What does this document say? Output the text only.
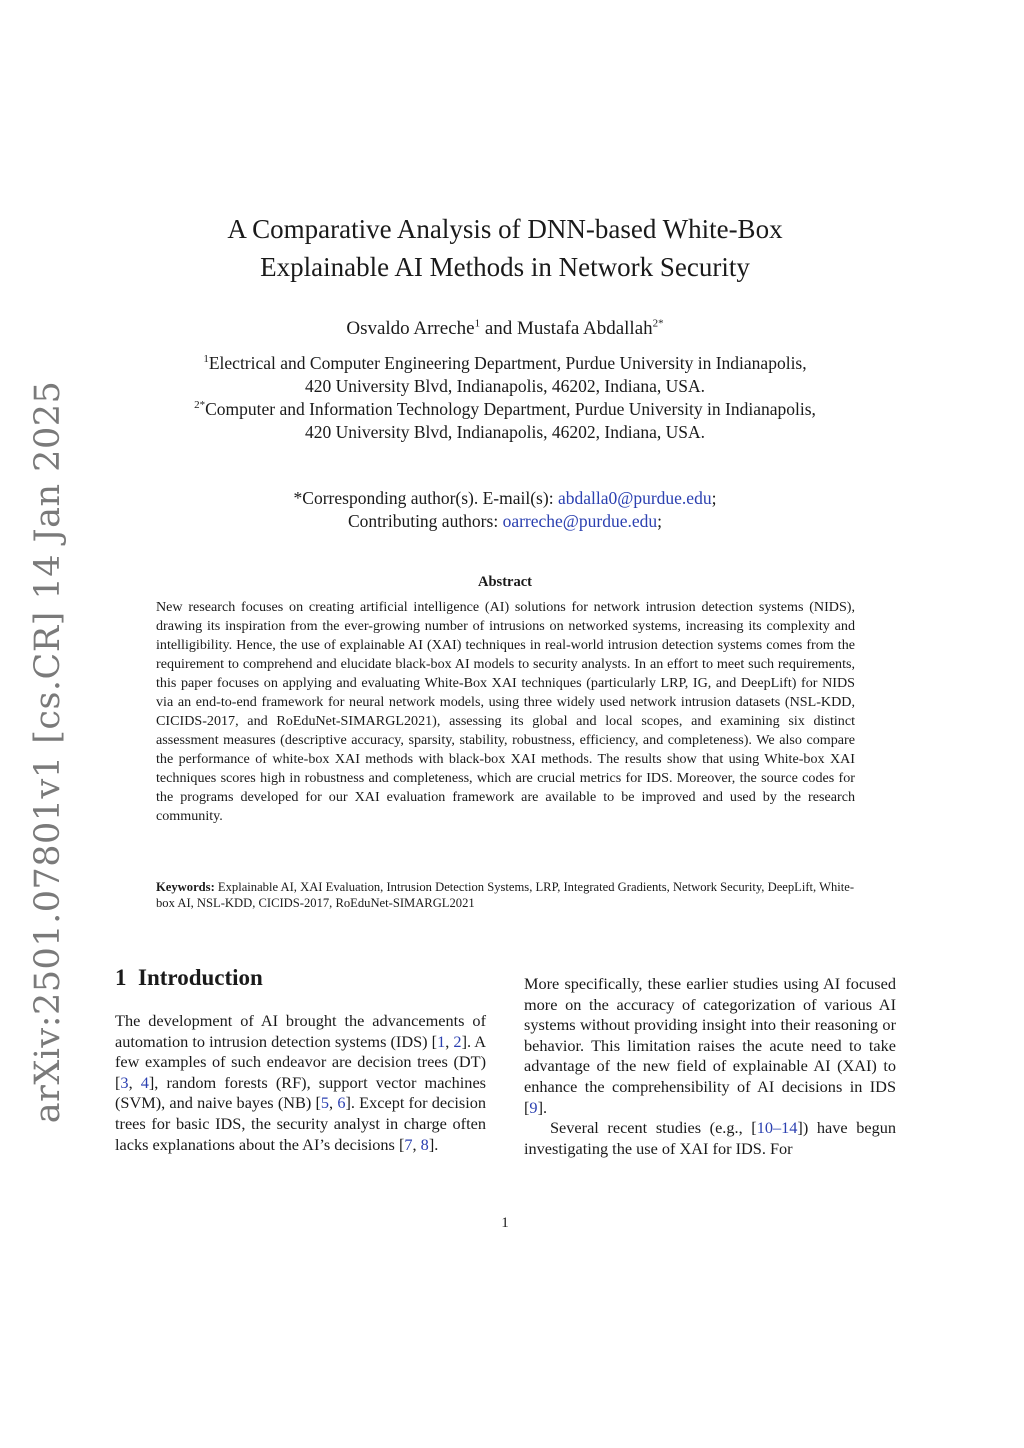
arXiv:2501.07801v1 [cs.CR] 14 Jan 2025
A Comparative Analysis of DNN-based White-Box
Explainable AI Methods in Network Security
Osvaldo Arreche$^1$ and Mustafa Abdallah$^{2*}$
$^1$Electrical and Computer Engineering Department, Purdue University in Indianapolis,
420 University Blvd, Indianapolis, 46202, Indiana, USA.
$^{2*}$Computer and Information Technology Department, Purdue University in Indianapolis,
420 University Blvd, Indianapolis, 46202, Indiana, USA.
*Corresponding author(s). E-mail(s): abdalla0@purdue.edu;
Contributing authors: oarreche@purdue.edu;
Abstract
New research focuses on creating artificial intelligence (AI) solutions for network intrusion detection systems (NIDS), drawing its inspiration from the ever-growing number of intrusions on networked systems, increasing its complexity and intelligibility. Hence, the use of explainable AI (XAI) techniques in real-world intrusion detection systems comes from the requirement to comprehend and elucidate black-box AI models to security analysts. In an effort to meet such requirements, this paper focuses on applying and evaluating White-Box XAI techniques (particularly LRP, IG, and DeepLift) for NIDS via an end-to-end framework for neural network models, using three widely used network intrusion datasets (NSL-KDD, CICIDS-2017, and RoEduNet-SIMARGL2021), assessing its global and local scopes, and examining six distinct assessment measures (descriptive accuracy, sparsity, stability, robustness, efficiency, and completeness). We also compare the performance of white-box XAI methods with black-box XAI methods. The results show that using White-box XAI techniques scores high in robustness and completeness, which are crucial metrics for IDS. Moreover, the source codes for the programs developed for our XAI evaluation framework are available to be improved and used by the research community.
Keywords: Explainable AI, XAI Evaluation, Intrusion Detection Systems, LRP, Integrated Gradients, Network Security, DeepLift, White-box AI, NSL-KDD, CICIDS-2017, RoEduNet-SIMARGL2021
1 Introduction

The development of AI brought the advancements of automation to intrusion detection systems (IDS) [1, 2]. A few examples of such endeavor are decision trees (DT) [3, 4], random forests (RF), support vector machines (SVM), and naive bayes (NB) [5, 6]. Except for decision trees for basic IDS, the security analyst in charge often lacks explanations about the AI’s decisions [7, 8].

More specifically, these earlier studies using AI focused more on the accuracy of categorization of various AI systems without providing insight into their reasoning or behavior. This limitation raises the acute need to take advantage of the new field of explainable AI (XAI) to enhance the comprehensibility of AI decisions in IDS [9].

Several recent studies (e.g., [10–14]) have begun investigating the use of XAI for IDS. For

1
